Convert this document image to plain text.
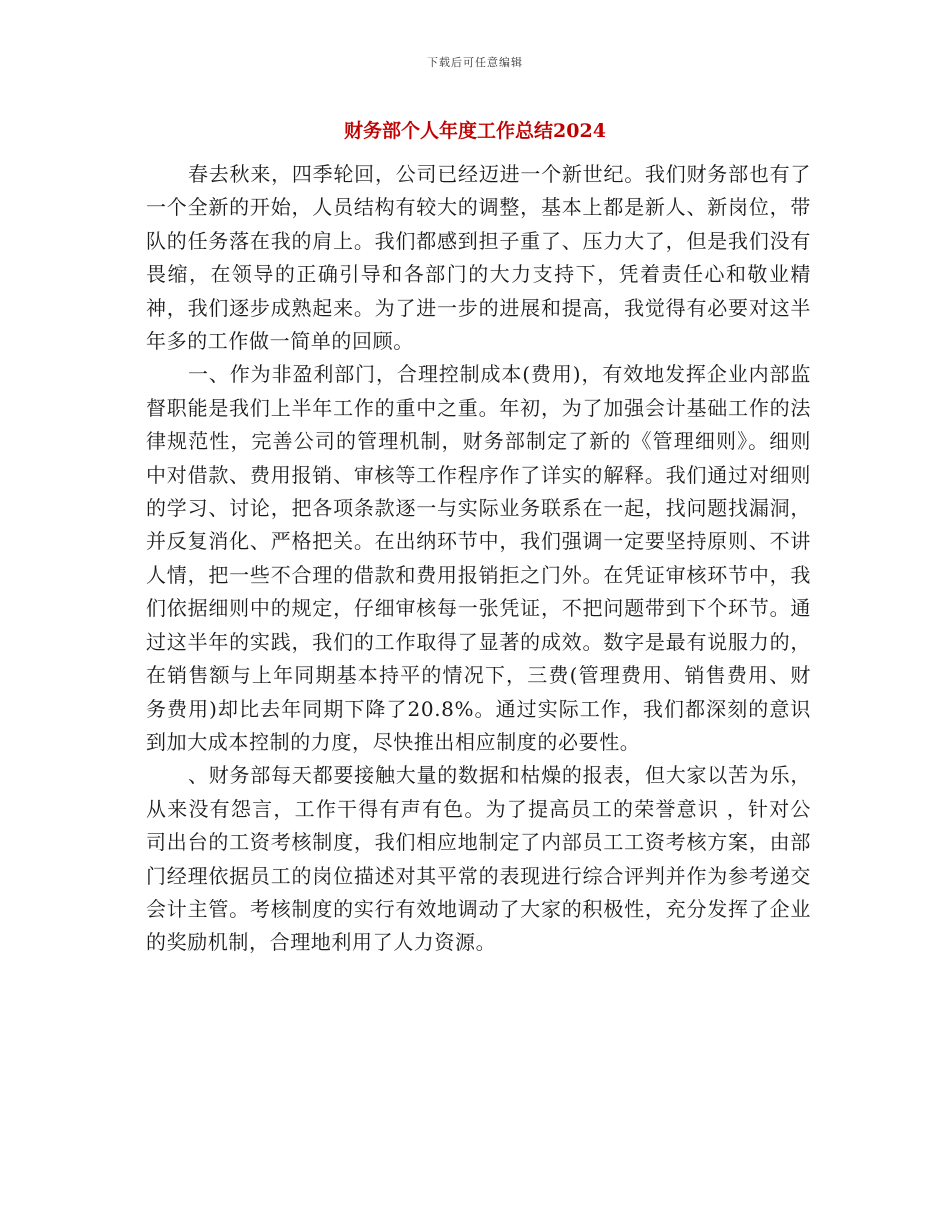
下载后可任意编辑
财务部个人年度工作总结2024

春去秋来，四季轮回，公司已经迈进一个新世纪。我们财务部也有了一个全新的开始，人员结构有较大的调整，基本上都是新人、新岗位，带队的任务落在我的肩上。我们都感到担子重了、压力大了，但是我们没有畏缩，在领导的正确引导和各部门的大力支持下，凭着责任心和敬业精神，我们逐步成熟起来。为了进一步的进展和提高，我觉得有必要对这半年多的工作做一简单的回顾。

一、作为非盈利部门，合理控制成本(费用)，有效地发挥企业内部监督职能是我们上半年工作的重中之重。年初，为了加强会计基础工作的法律规范性，完善公司的管理机制，财务部制定了新的《管理细则》。细则中对借款、费用报销、审核等工作程序作了详实的解释。我们通过对细则的学习、讨论，把各项条款逐一与实际业务联系在一起，找问题找漏洞，并反复消化、严格把关。在出纳环节中，我们强调一定要坚持原则、不讲人情，把一些不合理的借款和费用报销拒之门外。在凭证审核环节中，我们依据细则中的规定，仔细审核每一张凭证，不把问题带到下个环节。通过这半年的实践，我们的工作取得了显著的成效。数字是最有说服力的，在销售额与上年同期基本持平的情况下，三费(管理费用、销售费用、财务费用)却比去年同期下降了20.8%。通过实际工作，我们都深刻的意识到加大成本控制的力度，尽快推出相应制度的必要性。

、财务部每天都要接触大量的数据和枯燥的报表，但大家以苦为乐，从来没有怨言，工作干得有声有色。为了提高员工的荣誉意识 ，针对公司出台的工资考核制度，我们相应地制定了内部员工工资考核方案，由部门经理依据员工的岗位描述对其平常的表现进行综合评判并作为参考递交会计主管。考核制度的实行有效地调动了大家的积极性，充分发挥了企业的奖励机制，合理地利用了人力资源。
